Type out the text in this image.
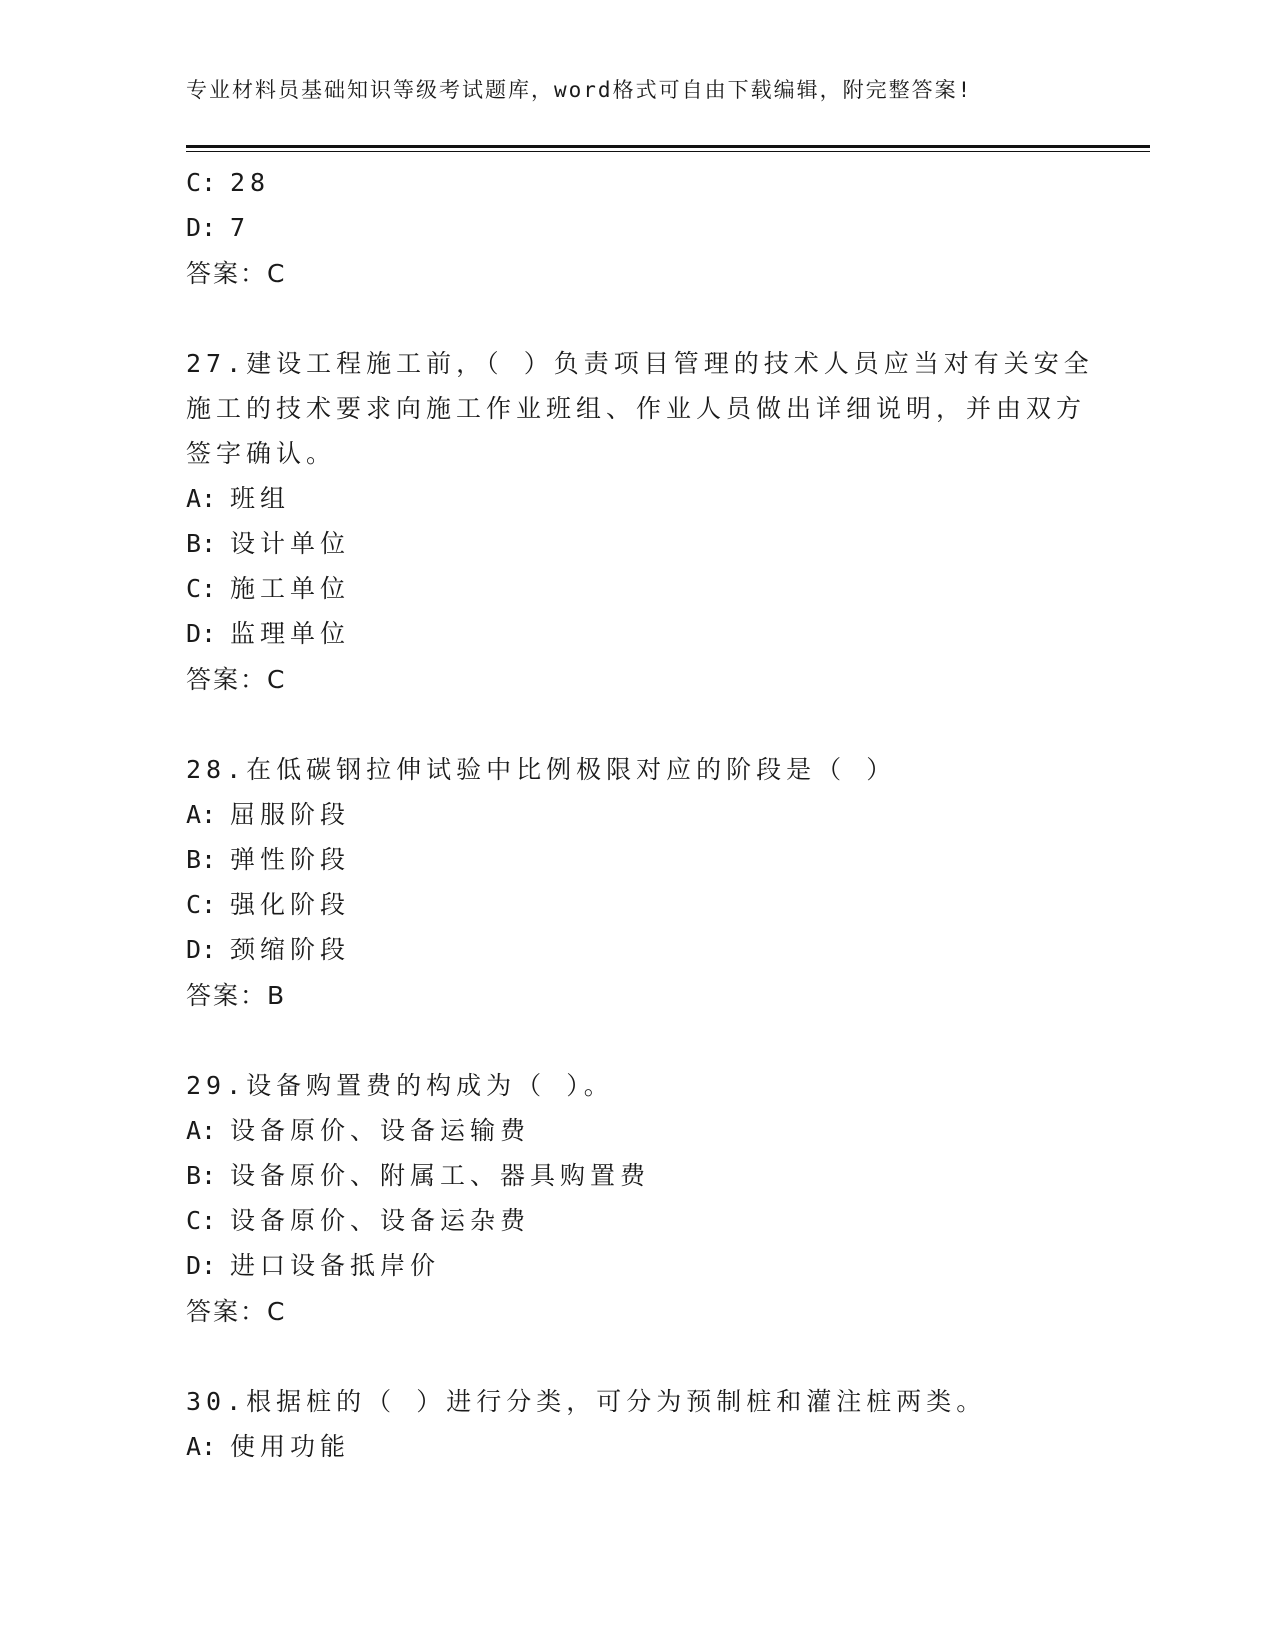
专业材料员基础知识等级考试题库，word格式可自由下载编辑，附完整答案!
C: 28
D: 7
答案：C
27.建设工程施工前，（ ）负责项目管理的技术人员应当对有关安全
施工的技术要求向施工作业班组、作业人员做出详细说明，并由双方
签字确认。
A: 班组
B: 设计单位
C: 施工单位
D: 监理单位
答案：C
28.在低碳钢拉伸试验中比例极限对应的阶段是（ ）
A: 屈服阶段
B: 弹性阶段
C: 强化阶段
D: 颈缩阶段
答案：B
29.设备购置费的构成为（ ）。
A: 设备原价、设备运输费
B: 设备原价、附属工、器具购置费
C: 设备原价、设备运杂费
D: 进口设备抵岸价
答案：C
30.根据桩的（ ）进行分类，可分为预制桩和灌注桩两类。
A: 使用功能
